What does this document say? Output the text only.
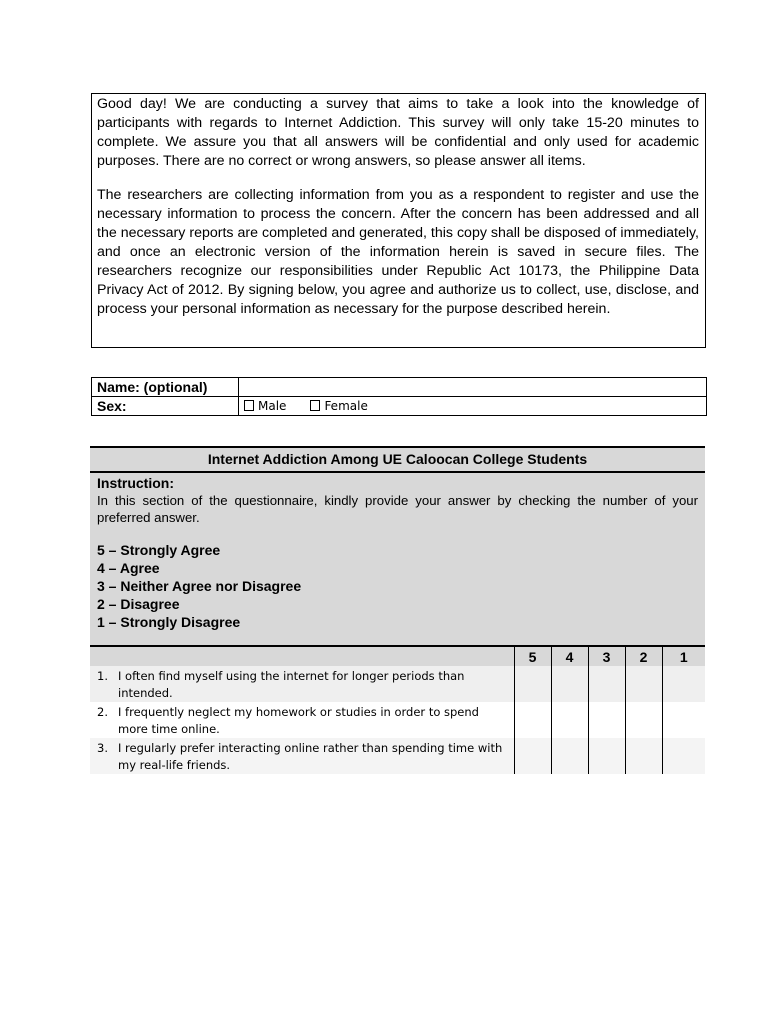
Good day! We are conducting a survey that aims to take a look into the knowledge of participants with regards to Internet Addiction. This survey will only take 15-20 minutes to complete. We assure you that all answers will be confidential and only used for academic purposes. There are no correct or wrong answers, so please answer all items.

The researchers are collecting information from you as a respondent to register and use the necessary information to process the concern. After the concern has been addressed and all the necessary reports are completed and generated, this copy shall be disposed of immediately, and once an electronic version of the information herein is saved in secure files. The researchers recognize our responsibilities under Republic Act 10173, the Philippine Data Privacy Act of 2012. By signing below, you agree and authorize us to collect, use, disclose, and process your personal information as necessary for the purpose described herein.

Name: (optional)	
Sex:	Male Female
Internet Addiction Among UE Caloocan College Students
Instruction:
In this section of the questionnaire, kindly provide your answer by checking the number of your preferred answer.
5 – Strongly Agree
4 – Agree
3 – Neither Agree nor Disagree
2 – Disagree
1 – Strongly Disagree
	5	4	3	2	1

1. I often find myself using the internet for longer periods than intended.					

2. I frequently neglect my homework or studies in order to spend more time online.					

3. I regularly prefer interacting online rather than spending time with my real-life friends.					
